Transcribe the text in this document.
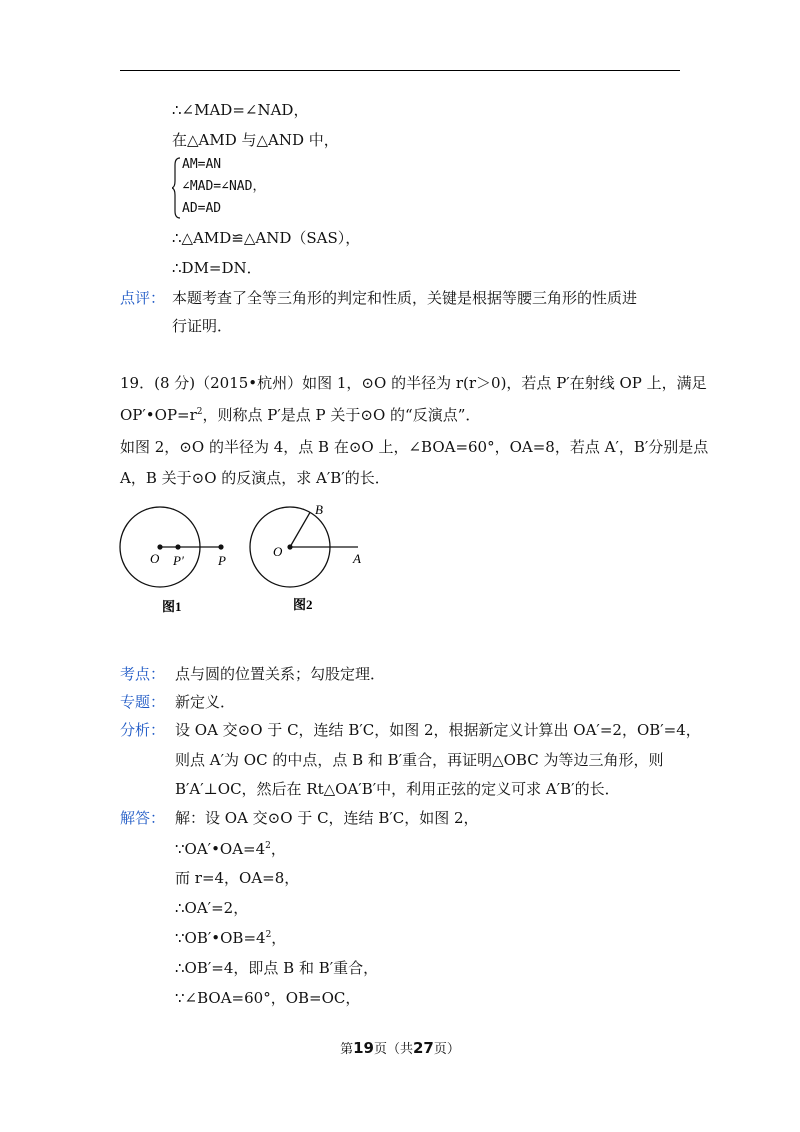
∴∠MAD=∠NAD，
在△AMD 与△AND 中，
AM=AN
∠MAD=∠NAD，
AD=AD
∴△AMD≌△AND（SAS），
∴DM=DN．
点评： 本题考查了全等三角形的判定和性质，关键是根据等腰三角形的性质进
行证明．
19．(8 分)（2015•杭州）如图 1，⊙O 的半径为 r(r＞0)，若点 P′在射线 OP 上，满足
$OP'•OP=r^2$，则称点 P′是点 P 关于⊙O 的“反演点”．
如图 2，⊙O 的半径为 4，点 B 在⊙O 上，∠BOA=60°，OA=8，若点 A′，B′分别是点
A，B 关于⊙O 的反演点，求 A′B′的长．
O P′	P
图1
O
B
A
图2
考点： 点与圆的位置关系；勾股定理．
专题： 新定义．
分析： 设 OA 交⊙O 于 C，连结 B′C，如图 2，根据新定义计算出 OA′=2，OB′=4，
则点 A′为 OC 的中点，点 B 和 B′重合，再证明△OBC 为等边三角形，则
B′A′⊥OC，然后在 Rt△OA′B′中，利用正弦的定义可求 A′B′的长．
解答： 解：设 OA 交⊙O 于 C，连结 B′C，如图 2，
$\because OA'•OA=4^2$，
而 r=4，OA=8，
∴OA′=2，
$\because OB'•OB=4^2$，
∴OB′=4，即点 B 和 B′重合，
∵∠BOA=60°，OB=OC，
第19页（共27页）
